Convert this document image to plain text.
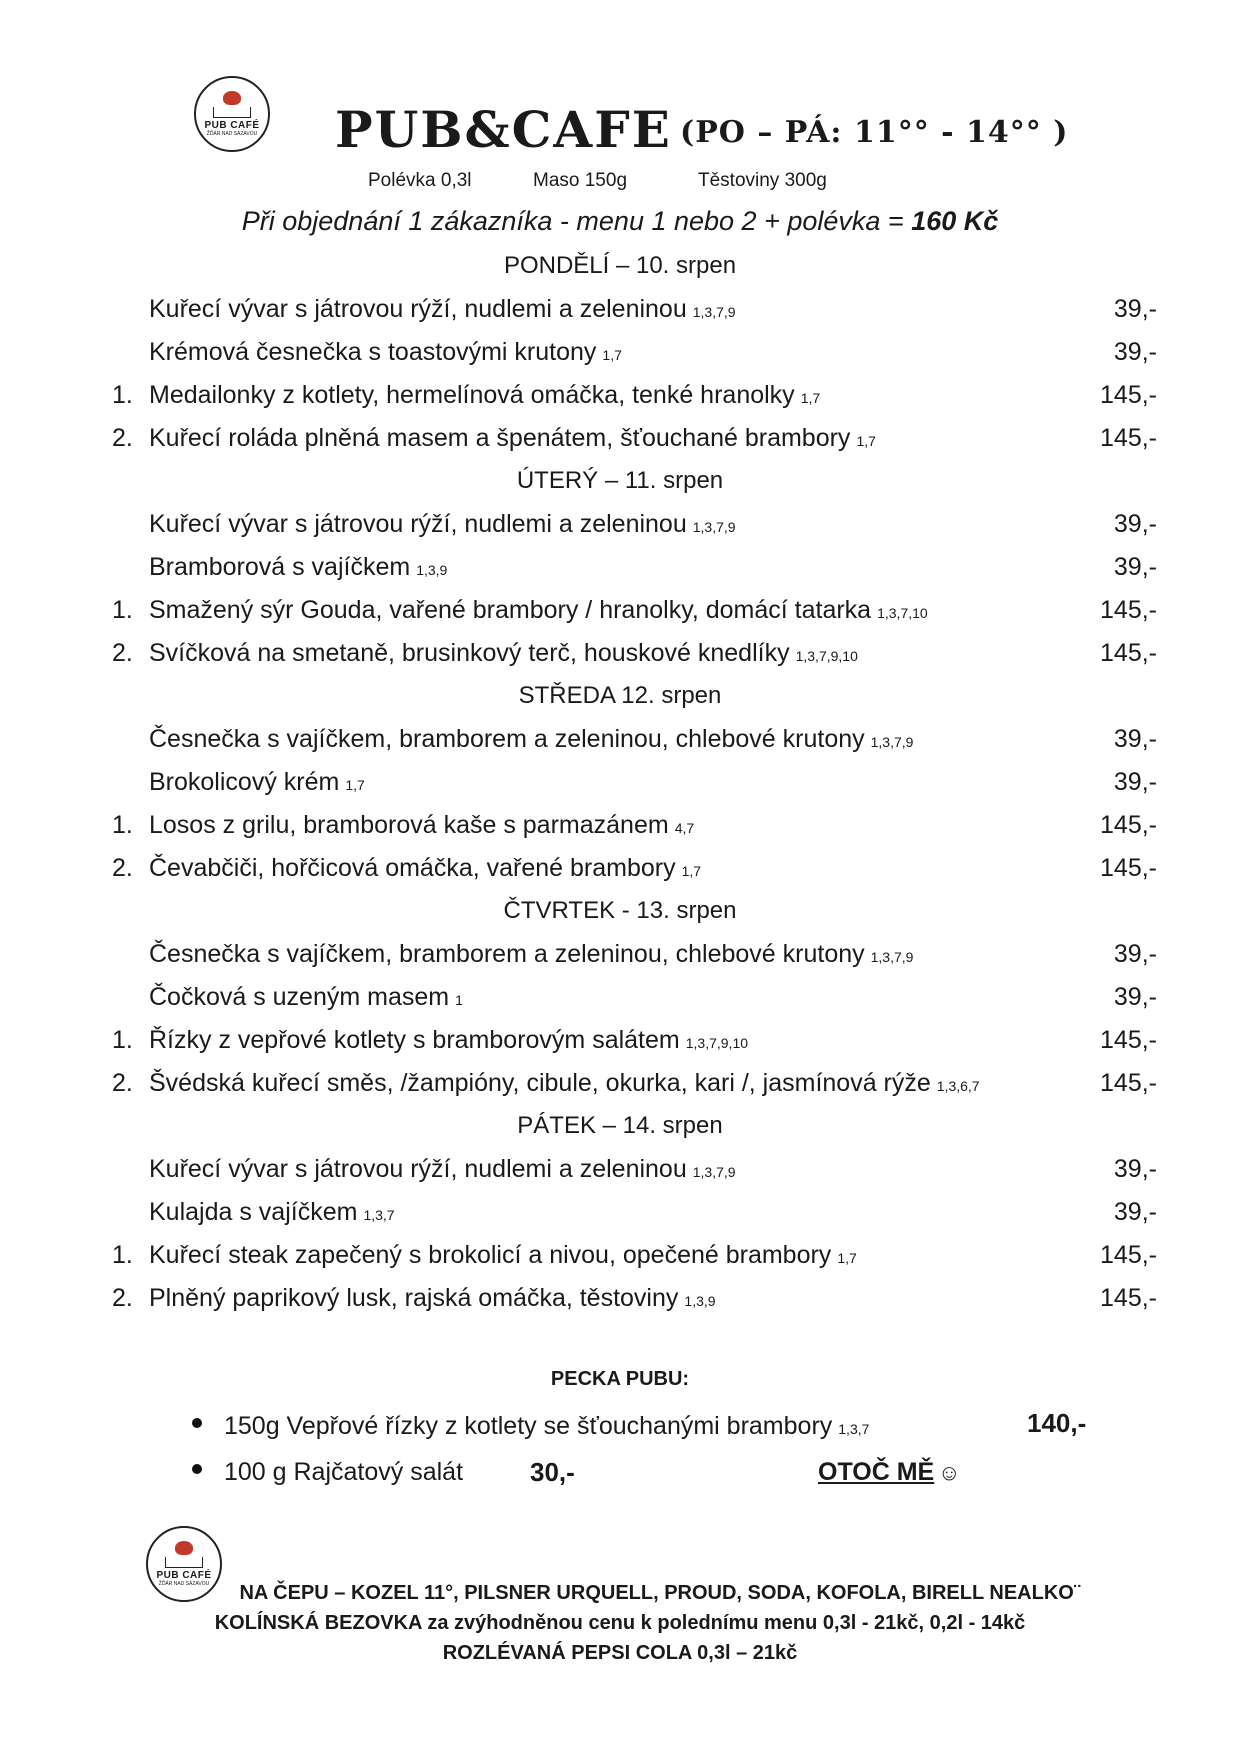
PUB CAFÉ
ŽĎÁR NAD SÁZAVOU PUB&CAFE (PO – PÁ: 11°° - 14°° )
Polévka 0,3l	Maso 150g	Těstoviny 300g
Při objednání 1 zákazníka - menu 1 nebo 2 + polévka = 160 Kč
PONDĚLÍ – 10. srpen
Kuřecí vývar s játrovou rýží, nudlemi a zeleninou 1,3,7,9	39,-
Krémová česnečka s toastovými krutony 1,7	39,-
1. Medailonky z kotlety, hermelínová omáčka, tenké hranolky 1,7	145,-
2. Kuřecí roláda plněná masem a špenátem, šťouchané brambory 1,7	145,-
ÚTERÝ – 11. srpen
Kuřecí vývar s játrovou rýží, nudlemi a zeleninou 1,3,7,9	39,-
Bramborová s vajíčkem 1,3,9	39,-
1. Smažený sýr Gouda, vařené brambory / hranolky, domácí tatarka 1,3,7,10	145,-
2. Svíčková na smetaně, brusinkový terč, houskové knedlíky 1,3,7,9,10	145,-
STŘEDA 12. srpen
Česnečka s vajíčkem, bramborem a zeleninou, chlebové krutony 1,3,7,9	39,-
Brokolicový krém 1,7	39,-
1. Losos z grilu, bramborová kaše s parmazánem 4,7	145,-
2. Čevabčiči, hořčicová omáčka, vařené brambory 1,7	145,-
ČTVRTEK - 13. srpen
Česnečka s vajíčkem, bramborem a zeleninou, chlebové krutony 1,3,7,9	39,-
Čočková s uzeným masem 1	39,-
1. Řízky z vepřové kotlety s bramborovým salátem 1,3,7,9,10	145,-
2. Švédská kuřecí směs, /žampióny, cibule, okurka, kari /, jasmínová rýže 1,3,6,7	145,-
PÁTEK – 14. srpen
Kuřecí vývar s játrovou rýží, nudlemi a zeleninou 1,3,7,9	39,-
Kulajda s vajíčkem 1,3,7	39,-
1. Kuřecí steak zapečený s brokolicí a nivou, opečené brambory 1,7	145,-
2. Plněný paprikový lusk, rajská omáčka, těstoviny 1,3,9	145,-
PECKA PUBU:
150g Vepřové řízky z kotlety se šťouchanými brambory 1,3,7	140,-
100 g Rajčatový salát	30,-	OTOČ MĚ ☺
PUB CAFÉ
ŽĎÁR NAD SÁZAVOU	NA ČEPU – KOZEL 11°, PILSNER URQUELL, PROUD, SODA, KOFOLA, BIRELL NEALKO¨
KOLÍNSKÁ BEZOVKA za zvýhodněnou cenu k polednímu menu 0,3l - 21kč, 0,2l - 14kč
ROZLÉVANÁ PEPSI COLA 0,3l – 21kč
